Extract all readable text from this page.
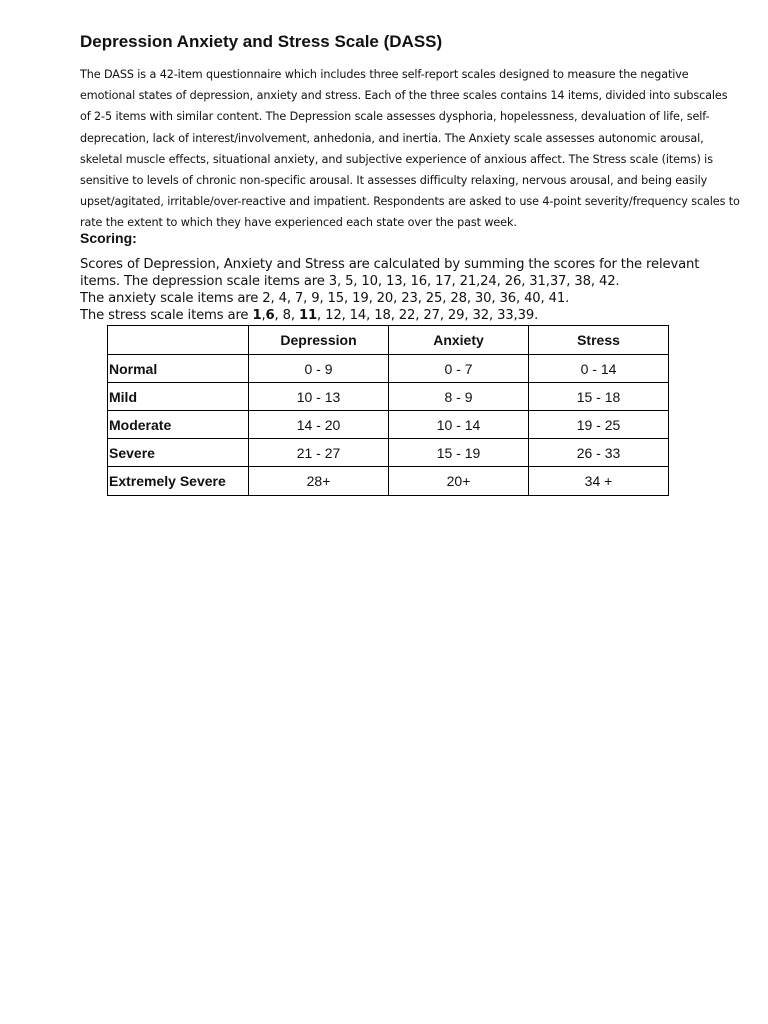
Depression Anxiety and Stress Scale (DASS)

The DASS is a 42-item questionnaire which includes three self-report scales designed to measure the negative emotional states of depression, anxiety and stress. Each of the three scales contains 14 items, divided into subscales of 2-5 items with similar content. The Depression scale assesses dysphoria, hopelessness, devaluation of life, self- deprecation, lack of interest/involvement, anhedonia, and inertia. The Anxiety scale assesses autonomic arousal, skeletal muscle effects, situational anxiety, and subjective experience of anxious affect. The Stress scale (items) is sensitive to levels of chronic non-specific arousal. It assesses difficulty relaxing, nervous arousal, and being easily upset/agitated, irritable/over-reactive and impatient. Respondents are asked to use 4-point severity/frequency scales to rate the extent to which they have experienced each state over the past week.

Scoring:
Scores of Depression, Anxiety and Stress are calculated by summing the scores for the relevant
items. The depression scale items are 3, 5, 10, 13, 16, 17, 21,24, 26, 31,37, 38, 42.
The anxiety scale items are 2, 4, 7, 9, 15, 19, 20, 23, 25, 28, 30, 36, 40, 41.
The stress scale items are 1,6, 8, 11, 12, 14, 18, 22, 27, 29, 32, 33,39.
	Depression	Anxiety	Stress
Normal	0 - 9	0 - 7	0 - 14
Mild	10 - 13	8 - 9	15 - 18
Moderate	14 - 20	10 - 14	19 - 25
Severe	21 - 27	15 - 19	26 - 33
Extremely Severe	28+	20+	34 +
